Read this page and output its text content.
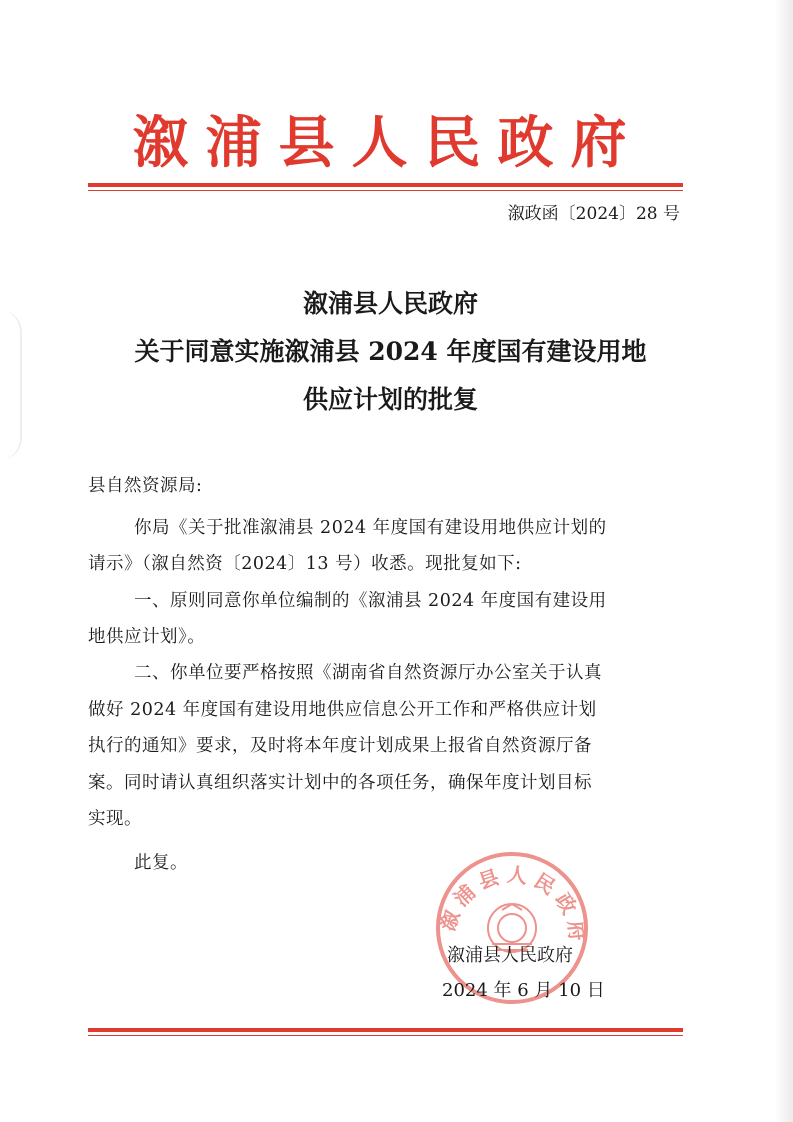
溆浦县人民政府
溆政函〔2024〕28 号
溆浦县人民政府
关于同意实施溆浦县 2024 年度国有建设用地
供应计划的批复
县自然资源局:
你局《关于批准溆浦县 2024 年度国有建设用地供应计划的
请示》（溆自然资〔2024〕13 号）收悉。现批复如下:
一、原则同意你单位编制的《溆浦县 2024 年度国有建设用
地供应计划》。
二、你单位要严格按照《湖南省自然资源厅办公室关于认真
做好 2024 年度国有建设用地供应信息公开工作和严格供应计划
执行的通知》要求，及时将本年度计划成果上报省自然资源厅备
案。同时请认真组织落实计划中的各项任务，确保年度计划目标
实现。
此复。
溆浦县人民政府
溆浦县人民政府
2024 年 6 月 10 日
